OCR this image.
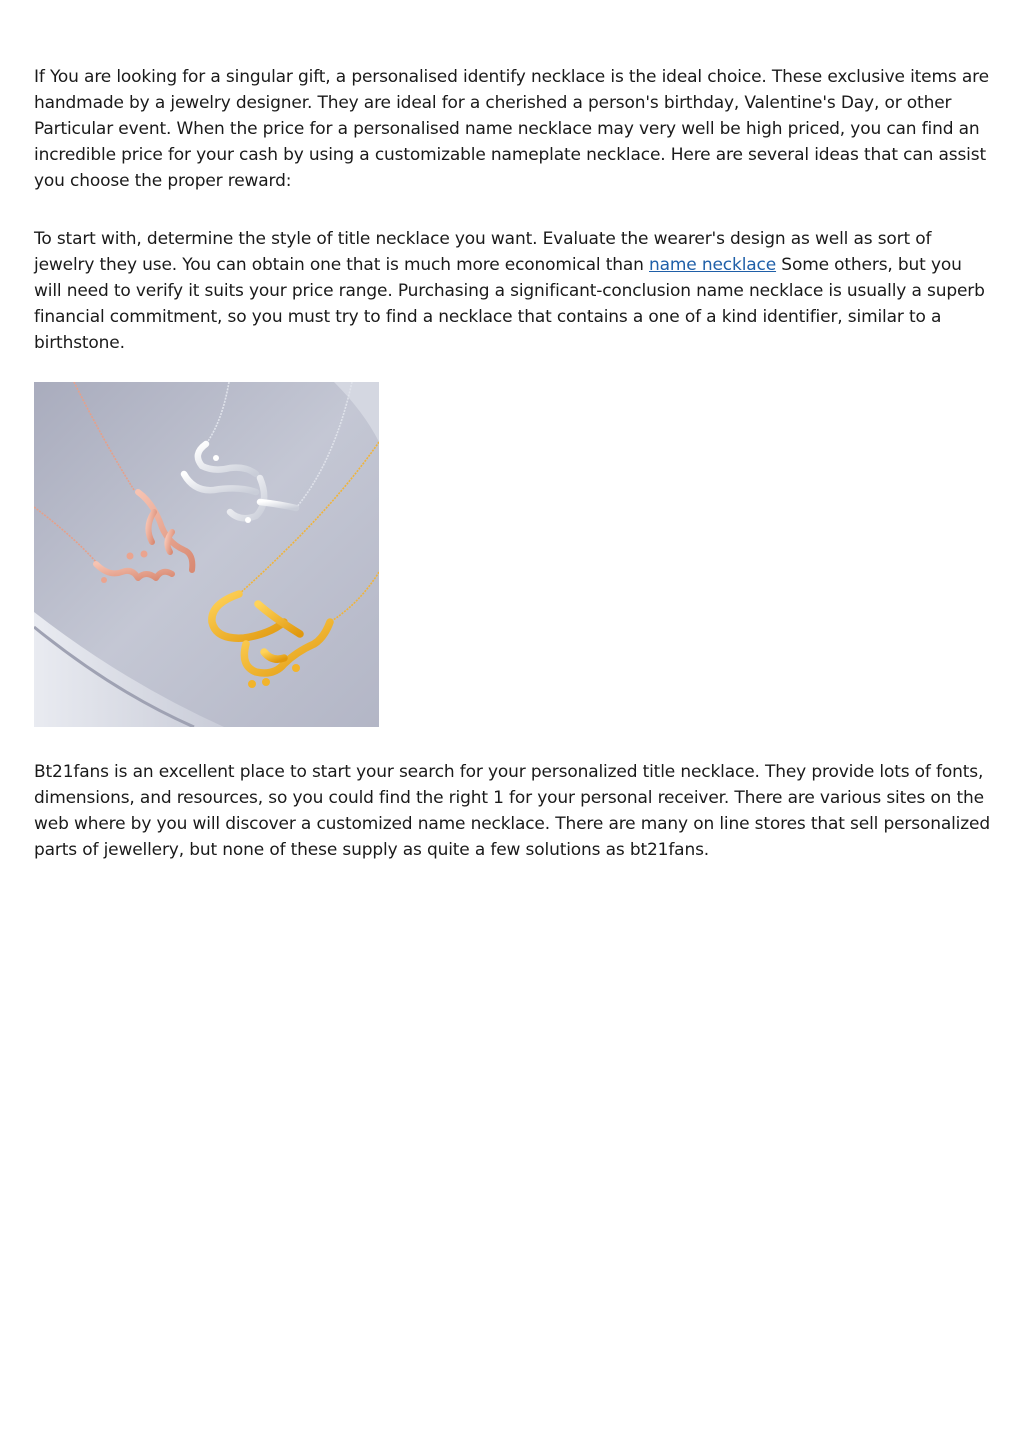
If You are looking for a singular gift, a personalised identify necklace is the ideal choice. These exclusive items are handmade by a jewelry designer. They are ideal for a cherished a person's birthday, Valentine's Day, or other Particular event. When the price for a personalised name necklace may very well be high priced, you can find an incredible price for your cash by using a customizable nameplate necklace. Here are several ideas that can assist you choose the proper reward:

To start with, determine the style of title necklace you want. Evaluate the wearer's design as well as sort of jewelry they use. You can obtain one that is much more economical than name necklace Some others, but you will need to verify it suits your price range. Purchasing a significant-conclusion name necklace is usually a superb financial commitment, so you must try to find a necklace that contains a one of a kind identifier, similar to a birthstone.

Bt21fans is an excellent place to start your search for your personalized title necklace. They provide lots of fonts, dimensions, and resources, so you could find the right 1 for your personal receiver. There are various sites on the web where by you will discover a customized name necklace. There are many on line stores that sell personalized parts of jewellery, but none of these supply as quite a few solutions as bt21fans.
